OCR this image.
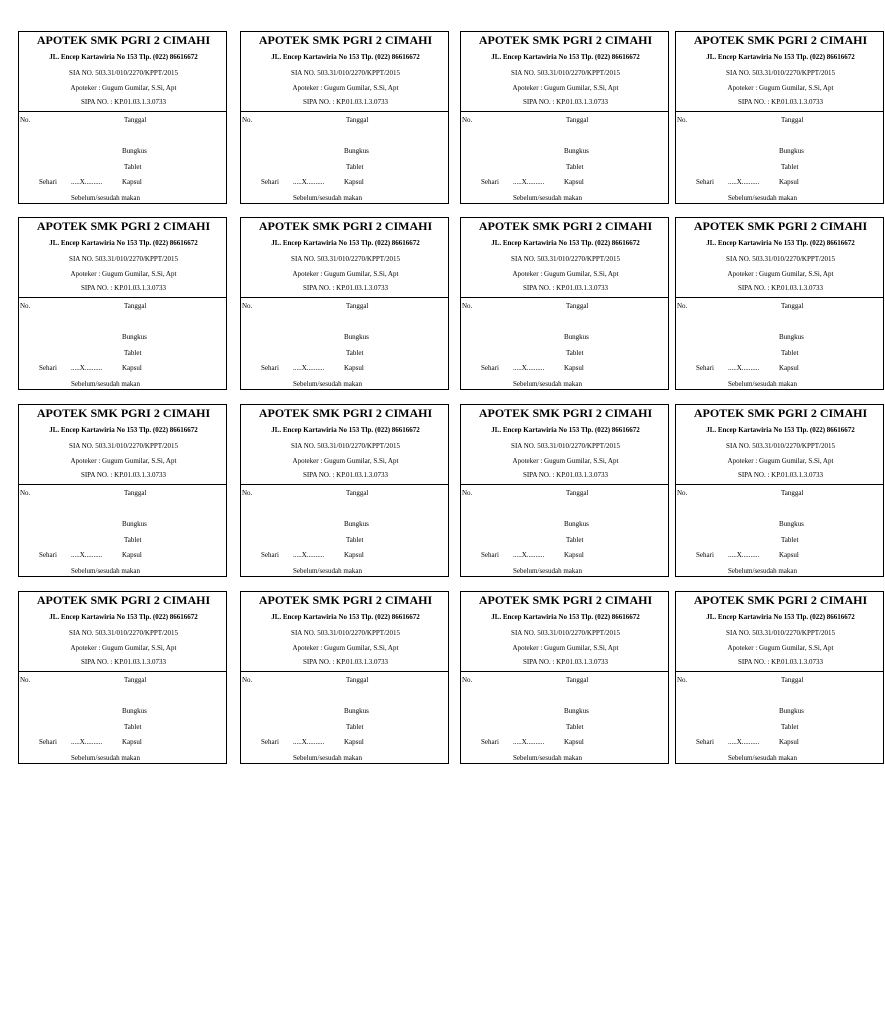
APOTEK SMK PGRI 2 CIMAHI
JL. Encep Kartawiria No 153 Tlp. (022) 86616672
SIA NO. 503.31/010/2270/KPPT/2015
Apoteker : Gugum Gumilar, S.Si, Apt
SIPA NO. : KP.01.03.1.3.0733
No.	Tanggal
Bungkus
Tablet
Sehari .....X..........	Kapsul
Sebelum/sesudah makan
APOTEK SMK PGRI 2 CIMAHI
JL. Encep Kartawiria No 153 Tlp. (022) 86616672
SIA NO. 503.31/010/2270/KPPT/2015
Apoteker : Gugum Gumilar, S.Si, Apt
SIPA NO. : KP.01.03.1.3.0733
No.	Tanggal
Bungkus
Tablet
Sehari .....X..........	Kapsul
Sebelum/sesudah makan
APOTEK SMK PGRI 2 CIMAHI
JL. Encep Kartawiria No 153 Tlp. (022) 86616672
SIA NO. 503.31/010/2270/KPPT/2015
Apoteker : Gugum Gumilar, S.Si, Apt
SIPA NO. : KP.01.03.1.3.0733
No.	Tanggal
Bungkus
Tablet
Sehari .....X..........	Kapsul
Sebelum/sesudah makan
APOTEK SMK PGRI 2 CIMAHI
JL. Encep Kartawiria No 153 Tlp. (022) 86616672
SIA NO. 503.31/010/2270/KPPT/2015
Apoteker : Gugum Gumilar, S.Si, Apt
SIPA NO. : KP.01.03.1.3.0733
No.	Tanggal
Bungkus
Tablet
Sehari .....X..........	Kapsul
Sebelum/sesudah makan
APOTEK SMK PGRI 2 CIMAHI
JL. Encep Kartawiria No 153 Tlp. (022) 86616672
SIA NO. 503.31/010/2270/KPPT/2015
Apoteker : Gugum Gumilar, S.Si, Apt
SIPA NO. : KP.01.03.1.3.0733
No.	Tanggal
Bungkus
Tablet
Sehari .....X..........	Kapsul
Sebelum/sesudah makan
APOTEK SMK PGRI 2 CIMAHI
JL. Encep Kartawiria No 153 Tlp. (022) 86616672
SIA NO. 503.31/010/2270/KPPT/2015
Apoteker : Gugum Gumilar, S.Si, Apt
SIPA NO. : KP.01.03.1.3.0733
No.	Tanggal
Bungkus
Tablet
Sehari .....X..........	Kapsul
Sebelum/sesudah makan
APOTEK SMK PGRI 2 CIMAHI
JL. Encep Kartawiria No 153 Tlp. (022) 86616672
SIA NO. 503.31/010/2270/KPPT/2015
Apoteker : Gugum Gumilar, S.Si, Apt
SIPA NO. : KP.01.03.1.3.0733
No.	Tanggal
Bungkus
Tablet
Sehari .....X..........	Kapsul
Sebelum/sesudah makan
APOTEK SMK PGRI 2 CIMAHI
JL. Encep Kartawiria No 153 Tlp. (022) 86616672
SIA NO. 503.31/010/2270/KPPT/2015
Apoteker : Gugum Gumilar, S.Si, Apt
SIPA NO. : KP.01.03.1.3.0733
No.	Tanggal
Bungkus
Tablet
Sehari .....X..........	Kapsul
Sebelum/sesudah makan
APOTEK SMK PGRI 2 CIMAHI
JL. Encep Kartawiria No 153 Tlp. (022) 86616672
SIA NO. 503.31/010/2270/KPPT/2015
Apoteker : Gugum Gumilar, S.Si, Apt
SIPA NO. : KP.01.03.1.3.0733
No.	Tanggal
Bungkus
Tablet
Sehari .....X..........	Kapsul
Sebelum/sesudah makan
APOTEK SMK PGRI 2 CIMAHI
JL. Encep Kartawiria No 153 Tlp. (022) 86616672
SIA NO. 503.31/010/2270/KPPT/2015
Apoteker : Gugum Gumilar, S.Si, Apt
SIPA NO. : KP.01.03.1.3.0733
No.	Tanggal
Bungkus
Tablet
Sehari .....X..........	Kapsul
Sebelum/sesudah makan
APOTEK SMK PGRI 2 CIMAHI
JL. Encep Kartawiria No 153 Tlp. (022) 86616672
SIA NO. 503.31/010/2270/KPPT/2015
Apoteker : Gugum Gumilar, S.Si, Apt
SIPA NO. : KP.01.03.1.3.0733
No.	Tanggal
Bungkus
Tablet
Sehari .....X..........	Kapsul
Sebelum/sesudah makan
APOTEK SMK PGRI 2 CIMAHI
JL. Encep Kartawiria No 153 Tlp. (022) 86616672
SIA NO. 503.31/010/2270/KPPT/2015
Apoteker : Gugum Gumilar, S.Si, Apt
SIPA NO. : KP.01.03.1.3.0733
No.	Tanggal
Bungkus
Tablet
Sehari .....X..........	Kapsul
Sebelum/sesudah makan
APOTEK SMK PGRI 2 CIMAHI
JL. Encep Kartawiria No 153 Tlp. (022) 86616672
SIA NO. 503.31/010/2270/KPPT/2015
Apoteker : Gugum Gumilar, S.Si, Apt
SIPA NO. : KP.01.03.1.3.0733
No.	Tanggal
Bungkus
Tablet
Sehari .....X..........	Kapsul
Sebelum/sesudah makan
APOTEK SMK PGRI 2 CIMAHI
JL. Encep Kartawiria No 153 Tlp. (022) 86616672
SIA NO. 503.31/010/2270/KPPT/2015
Apoteker : Gugum Gumilar, S.Si, Apt
SIPA NO. : KP.01.03.1.3.0733
No.	Tanggal
Bungkus
Tablet
Sehari .....X..........	Kapsul
Sebelum/sesudah makan
APOTEK SMK PGRI 2 CIMAHI
JL. Encep Kartawiria No 153 Tlp. (022) 86616672
SIA NO. 503.31/010/2270/KPPT/2015
Apoteker : Gugum Gumilar, S.Si, Apt
SIPA NO. : KP.01.03.1.3.0733
No.	Tanggal
Bungkus
Tablet
Sehari .....X..........	Kapsul
Sebelum/sesudah makan
APOTEK SMK PGRI 2 CIMAHI
JL. Encep Kartawiria No 153 Tlp. (022) 86616672
SIA NO. 503.31/010/2270/KPPT/2015
Apoteker : Gugum Gumilar, S.Si, Apt
SIPA NO. : KP.01.03.1.3.0733
No.	Tanggal
Bungkus
Tablet
Sehari .....X..........	Kapsul
Sebelum/sesudah makan
